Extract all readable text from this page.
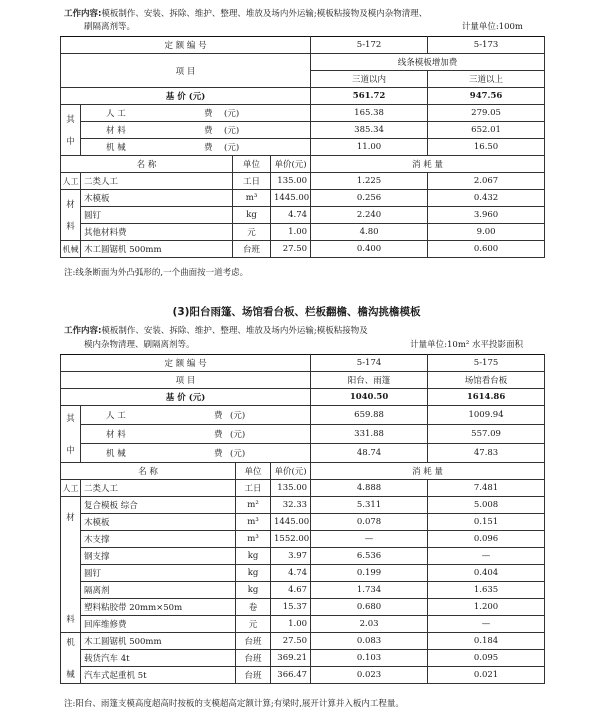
工作内容:模板制作、安装、拆除、维护、整理、堆放及场内外运输;模板粘接物及模内杂物清理、
刷隔离剂等。	计量单位:100m
定 额 编 号				5-172	5-173
项 目				线条模板增加费	
				三道以内	三道以上
基 价 (元)				561.72	947.56
其

中	人 工 费 (元)			165.38	279.05
	材 料 费 (元)			385.34	652.01
	机 械 费 (元)			11.00	16.50
名 称		单位	单价(元)	消 耗 量	
人工	二类人工	工日	135.00	1.225	2.067
材

料	木模板	m³	1445.00	0.256	0.432
	圆钉	kg	4.74	2.240	3.960
	其他材料费	元	1.00	4.80	9.00
机械	木工圆锯机 500mm	台班	27.50	0.400	0.600
注:线条断面为外凸弧形的,一个曲面按一道考虑。
(3)阳台雨篷、场馆看台板、栏板翻檐、檐沟挑檐模板
工作内容:模板制作、安装、拆除、维护、整理、堆放及场内外运输;模板粘接物及
模内杂物清理、刷隔离剂等。	计量单位:10m² 水平投影面积
定 额 编 号				5-174	5-175
项 目				阳台、雨篷	场馆看台板
基 价 (元)				1040.50	1614.86
其

中	人 工 费 (元)			659.88	1009.94
	材 料 费 (元)			331.88	557.09
	机 械 费 (元)			48.74	47.83
名 称		单位	单价(元)	消 耗 量	
人工	二类人工	工日	135.00	4.888	7.481
材

料	复合模板 综合	m²	32.33	5.311	5.008
	木模板	m³	1445.00	0.078	0.151
	木支撑	m³	1552.00	—	0.096
	钢支撑	kg	3.97	6.536	—
	圆钉	kg	4.74	0.199	0.404
	隔离剂	kg	4.67	1.734	1.635
	塑料粘胶带 20mm×50m	卷	15.37	0.680	1.200
	回库维修费	元	1.00	2.03	—
机

械	木工圆锯机 500mm	台班	27.50	0.083	0.184
	载货汽车 4t	台班	369.21	0.103	0.095
	汽车式起重机 5t	台班	366.47	0.023	0.021
注:阳台、雨篷支模高度超高时按板的支模超高定额计算;有梁时,展开计算并入板内工程量。
